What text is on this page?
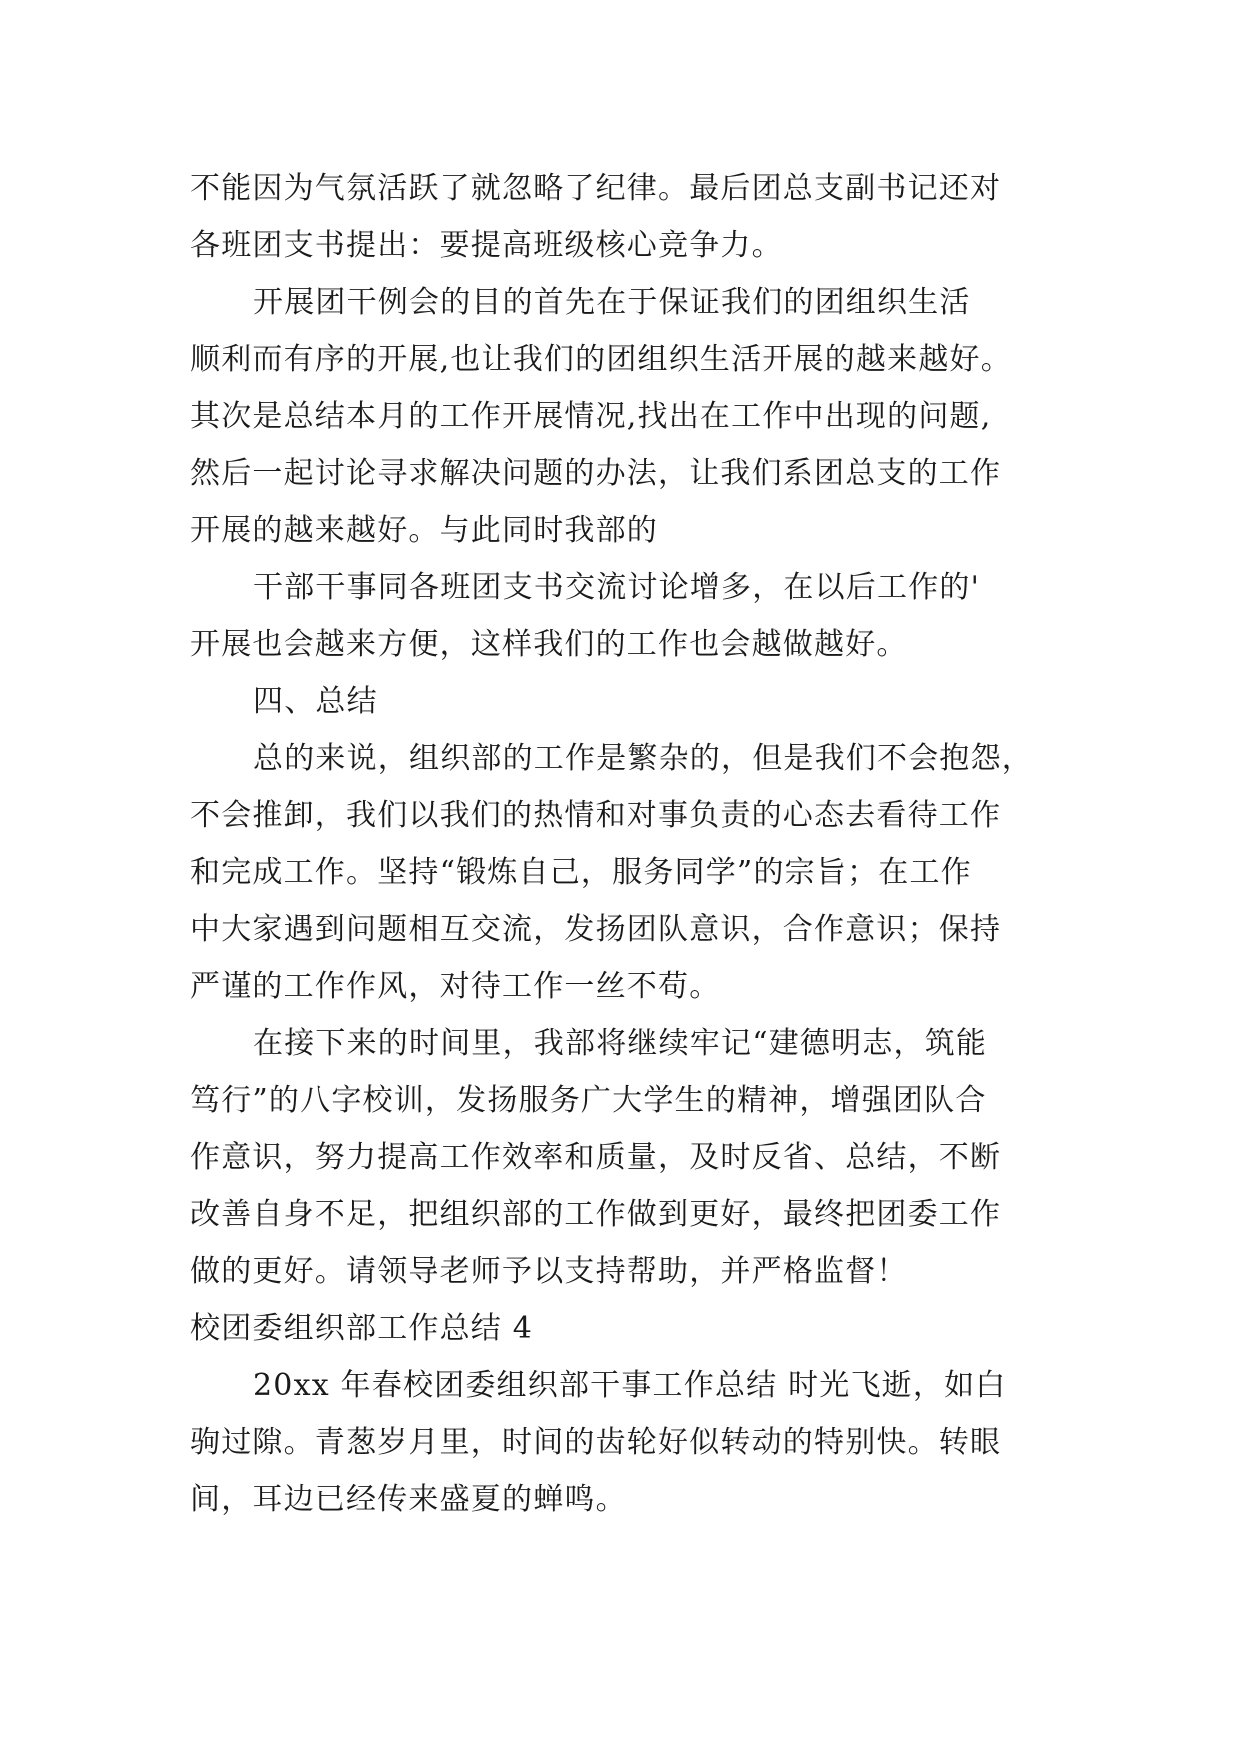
不能因为气氛活跃了就忽略了纪律。最后团总支副书记还对
各班团支书提出：要提高班级核心竞争力。
开展团干例会的目的首先在于保证我们的团组织生活
顺利而有序的开展,也让我们的团组织生活开展的越来越好。
其次是总结本月的工作开展情况,找出在工作中出现的问题,
然后一起讨论寻求解决问题的办法，让我们系团总支的工作
开展的越来越好。与此同时我部的
干部干事同各班团支书交流讨论增多，在以后工作的'
开展也会越来方便，这样我们的工作也会越做越好。
四、总结
总的来说，组织部的工作是繁杂的，但是我们不会抱怨，
不会推卸，我们以我们的热情和对事负责的心态去看待工作
和完成工作。坚持“锻炼自己，服务同学”的宗旨；在工作
中大家遇到问题相互交流，发扬团队意识，合作意识；保持
严谨的工作作风，对待工作一丝不苟。
在接下来的时间里，我部将继续牢记“建德明志，筑能
笃行”的八字校训，发扬服务广大学生的精神，增强团队合
作意识，努力提高工作效率和质量，及时反省、总结，不断
改善自身不足，把组织部的工作做到更好，最终把团委工作
做的更好。请领导老师予以支持帮助，并严格监督！
校团委组织部工作总结 4
20xx 年春校团委组织部干事工作总结 时光飞逝，如白
驹过隙。青葱岁月里，时间的齿轮好似转动的特别快。转眼
间，耳边已经传来盛夏的蝉鸣。
